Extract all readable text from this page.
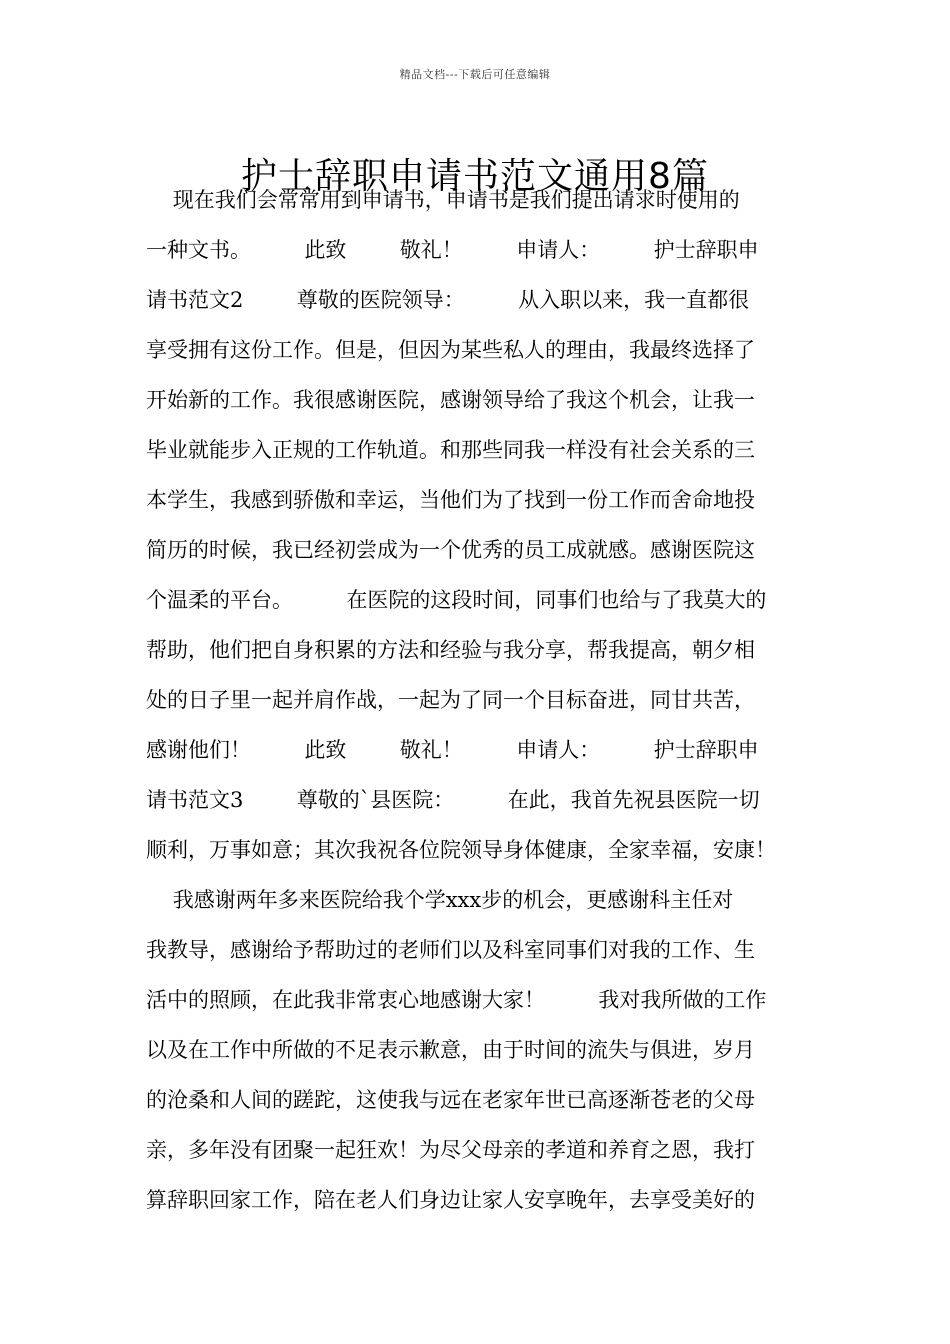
精品文档---下载后可任意编辑
护士辞职申请书范文通用8篇
现在我们会常常用到申请书，申请书是我们提出请求时使用的
一种文书。        此致        敬礼！        申请人：        护士辞职申
请书范文2        尊敬的医院领导：        从入职以来，我一直都很
享受拥有这份工作。但是，但因为某些私人的理由，我最终选择了
开始新的工作。我很感谢医院，感谢领导给了我这个机会，让我一
毕业就能步入正规的工作轨道。和那些同我一样没有社会关系的三
本学生，我感到骄傲和幸运，当他们为了找到一份工作而舍命地投
简历的时候，我已经初尝成为一个优秀的员工成就感。感谢医院这
个温柔的平台。        在医院的这段时间，同事们也给与了我莫大的
帮助，他们把自身积累的方法和经验与我分享，帮我提高，朝夕相
处的日子里一起并肩作战，一起为了同一个目标奋进，同甘共苦，
感谢他们！        此致        敬礼！        申请人：        护士辞职申
请书范文3        尊敬的`县医院：        在此，我首先祝县医院一切
顺利，万事如意；其次我祝各位院领导身体健康，全家幸福，安康！
我感谢两年多来医院给我个学xxx步的机会，更感谢科主任对
我教导，感谢给予帮助过的老师们以及科室同事们对我的工作、生
活中的照顾，在此我非常衷心地感谢大家！        我对我所做的工作
以及在工作中所做的不足表示歉意，由于时间的流失与俱进，岁月
的沧桑和人间的蹉跎，这使我与远在老家年世已高逐渐苍老的父母
亲，多年没有团聚一起狂欢！为尽父母亲的孝道和养育之恩，我打
算辞职回家工作，陪在老人们身边让家人安享晚年，去享受美好的
